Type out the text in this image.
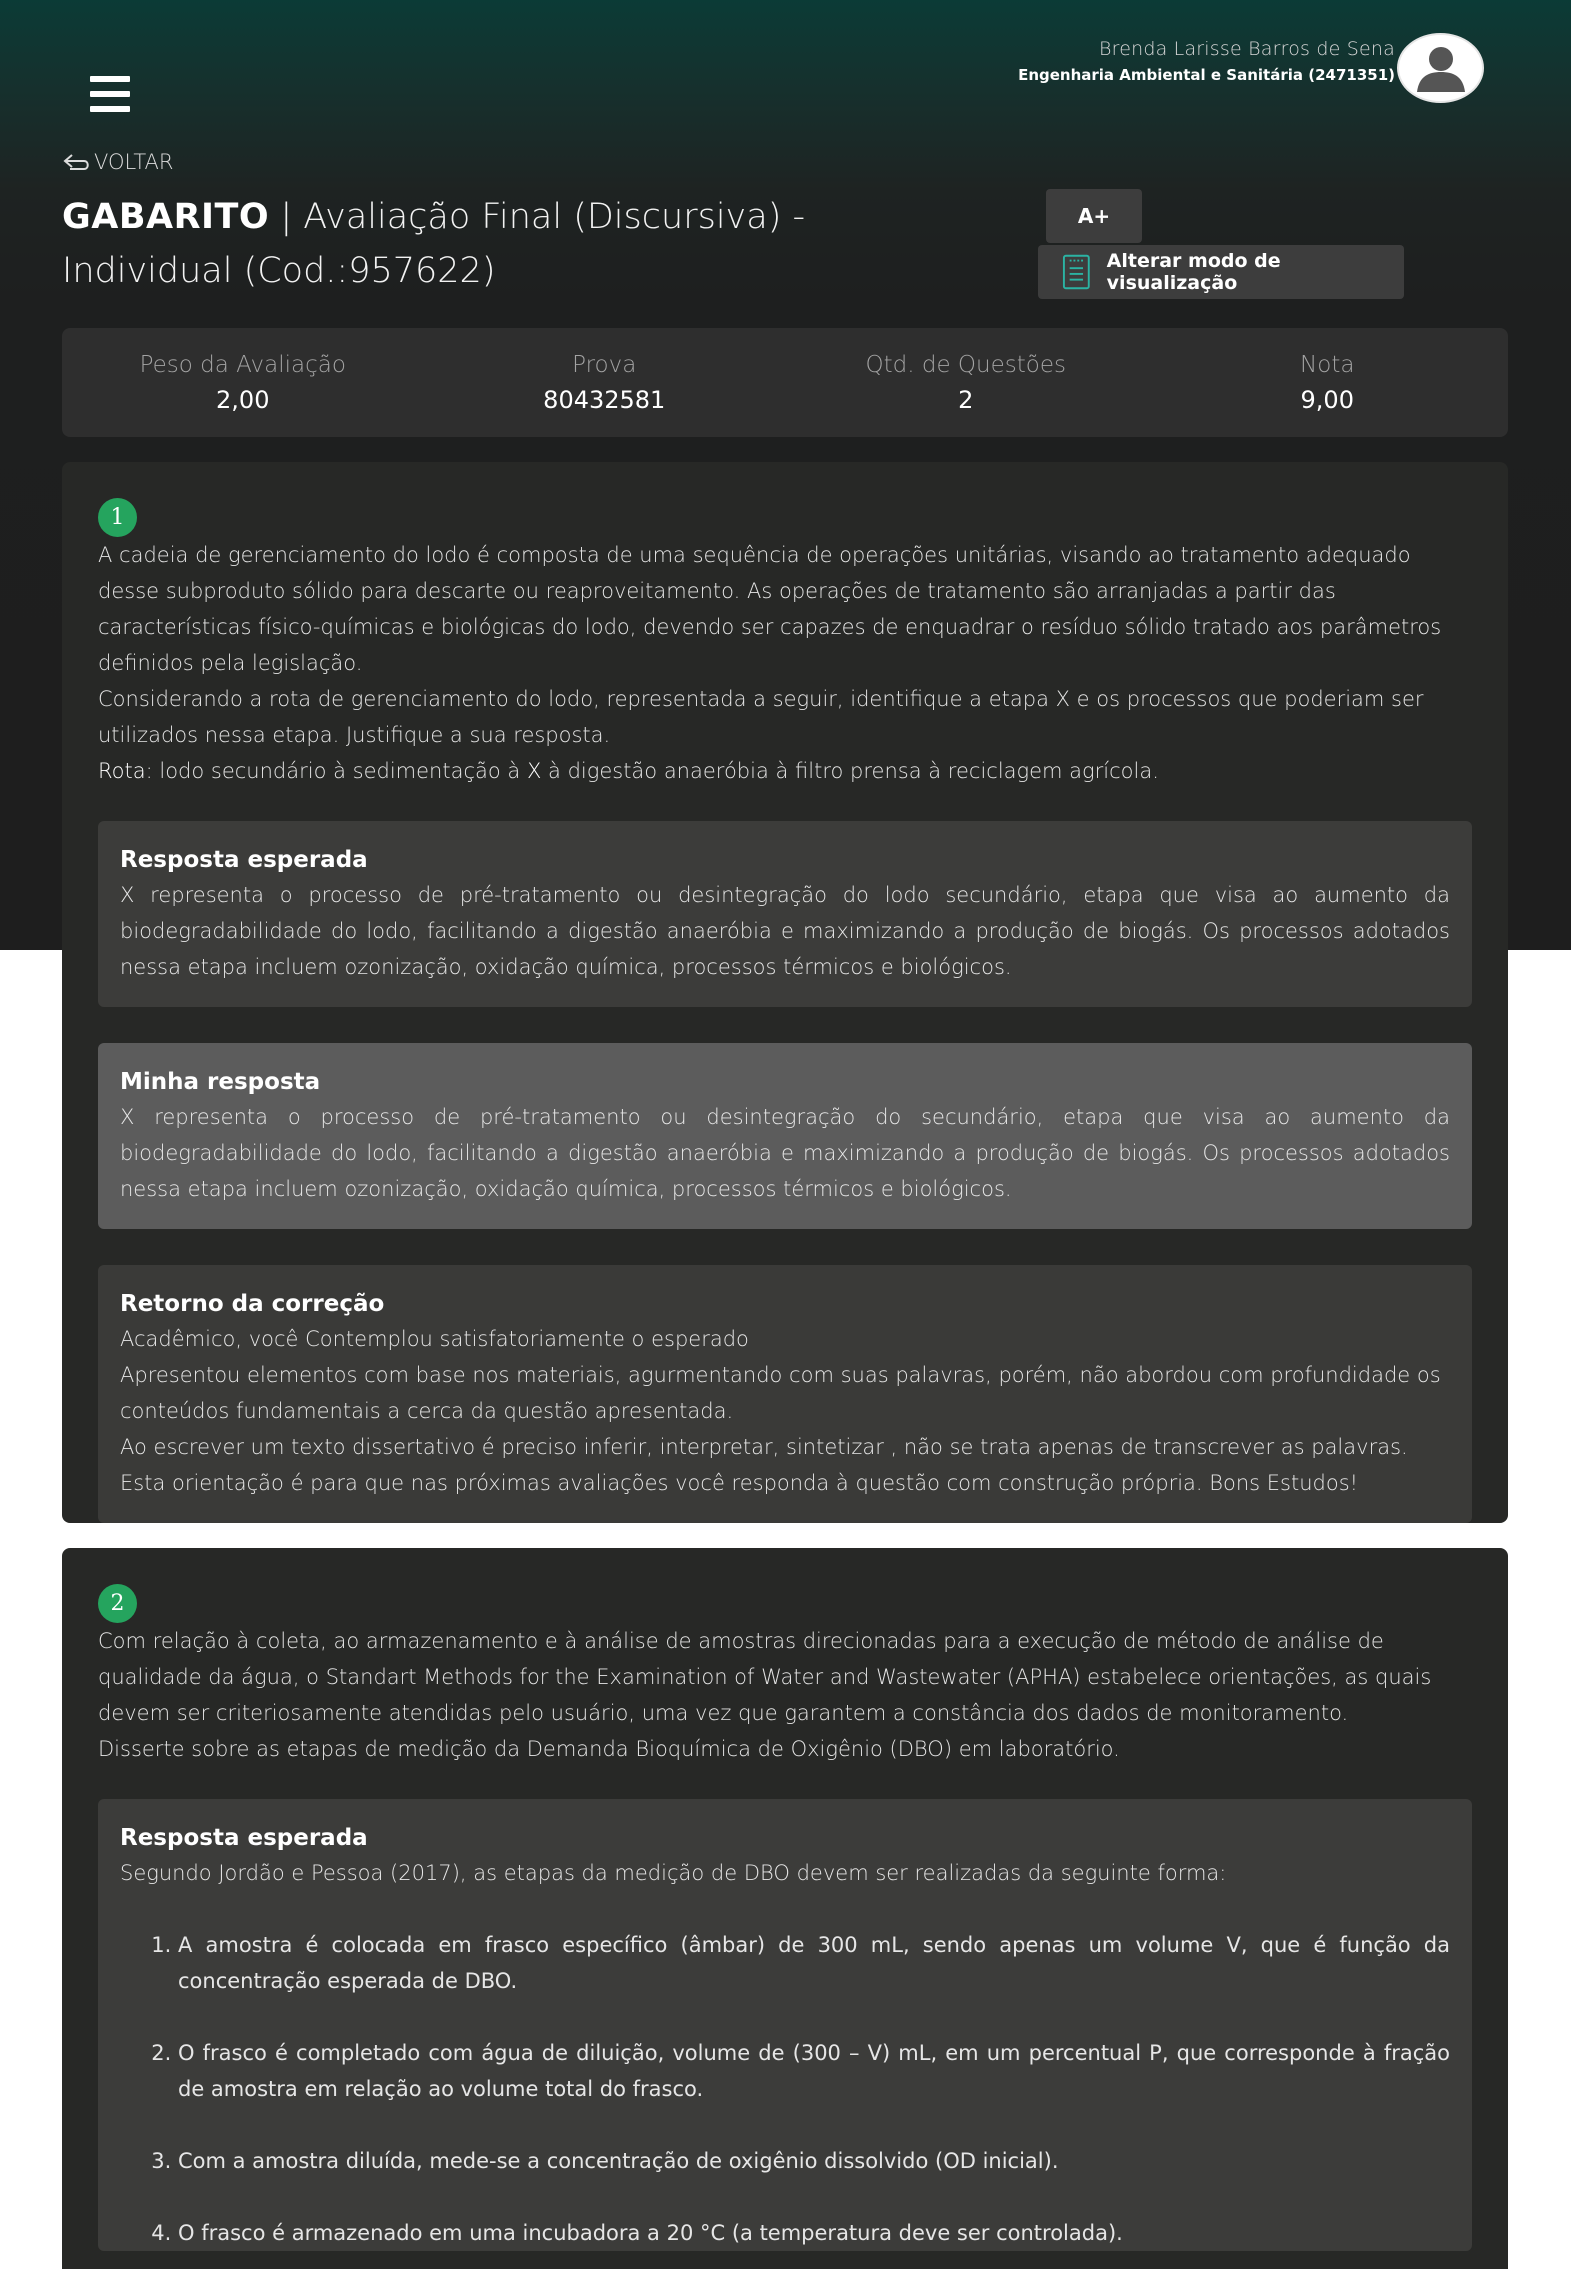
Brenda Larisse Barros de Sena
Engenharia Ambiental e Sanitária (2471351)
VOLTAR
GABARITO | Avaliação Final (Discursiva) - Individual (Cod.:957622)
A+
Alterar modo de visualização
Peso da Avaliação
2,00
Prova
80432581
Qtd. de Questões
2
Nota
9,00
1
A cadeia de gerenciamento do lodo é composta de uma sequência de operações unitárias, visando ao tratamento adequado desse subproduto sólido para descarte ou reaproveitamento. As operações de tratamento são arranjadas a partir das características físico-químicas e biológicas do lodo, devendo ser capazes de enquadrar o resíduo sólido tratado aos parâmetros definidos pela legislação.
Considerando a rota de gerenciamento do lodo, representada a seguir, identifique a etapa X e os processos que poderiam ser utilizados nessa etapa. Justifique a sua resposta.
Rota: lodo secundário à sedimentação à X à digestão anaeróbia à filtro prensa à reciclagem agrícola.
Resposta esperada
X representa o processo de pré-tratamento ou desintegração do lodo secundário, etapa que visa ao aumento da biodegradabilidade do lodo, facilitando a digestão anaeróbia e maximizando a produção de biogás. Os processos adotados nessa etapa incluem ozonização, oxidação química, processos térmicos e biológicos.
Minha resposta
X representa o processo de pré-tratamento ou desintegração do secundário, etapa que visa ao aumento da biodegradabilidade do lodo, facilitando a digestão anaeróbia e maximizando a produção de biogás. Os processos adotados nessa etapa incluem ozonização, oxidação química, processos térmicos e biológicos.
Retorno da correção
Acadêmico, você Contemplou satisfatoriamente o esperado
Apresentou elementos com base nos materiais, agurmentando com suas palavras, porém, não abordou com profundidade os conteúdos fundamentais a cerca da questão apresentada.
Ao escrever um texto dissertativo é preciso inferir, interpretar, sintetizar , não se trata apenas de transcrever as palavras.
Esta orientação é para que nas próximas avaliações você responda à questão com construção própria. Bons Estudos!
2
Com relação à coleta, ao armazenamento e à análise de amostras direcionadas para a execução de método de análise de qualidade da água, o Standart Methods for the Examination of Water and Wastewater (APHA) estabelece orientações, as quais devem ser criteriosamente atendidas pelo usuário, uma vez que garantem a constância dos dados de monitoramento.
Disserte sobre as etapas de medição da Demanda Bioquímica de Oxigênio (DBO) em laboratório.
Resposta esperada
Segundo Jordão e Pessoa (2017), as etapas da medição de DBO devem ser realizadas da seguinte forma:
1. A amostra é colocada em frasco específico (âmbar) de 300 mL, sendo apenas um volume V, que é função da concentração esperada de DBO.
2. O frasco é completado com água de diluição, volume de (300 – V) mL, em um percentual P, que corresponde à fração de amostra em relação ao volume total do frasco.
3. Com a amostra diluída, mede-se a concentração de oxigênio dissolvido (OD inicial).
4. O frasco é armazenado em uma incubadora a 20 °C (a temperatura deve ser controlada).
